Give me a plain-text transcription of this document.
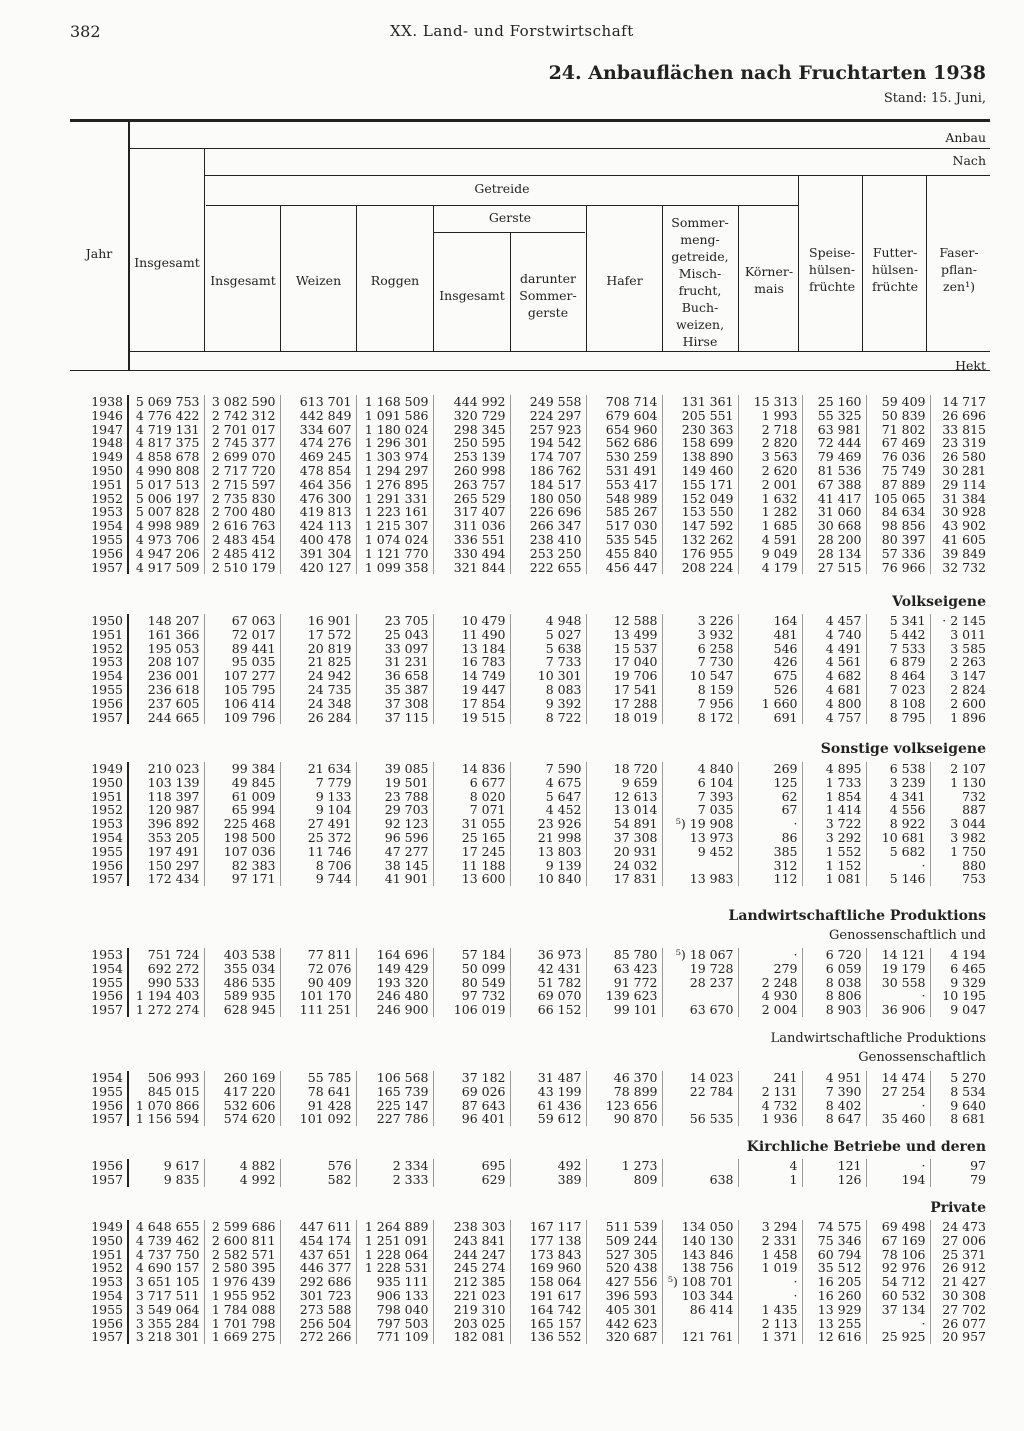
382	XX. Land- und Forstwirtschaft
24. Anbauflächen nach Fruchtarten 1938
Stand: 15. Juni,
Jahr
Anbau
Nach
Getreide
Gerste
Insgesamt
Insgesamt	Weizen	Roggen
Insgesamt
darunter Sommer-gerste
Hafer
Sommer-meng-getreide, Misch-frucht, Buch-weizen, Hirse
Körner-mais
Speise-hülsen-früchte
Futter-hülsen-früchte
Faser-pflan-zen¹)
Hekt
Volkseigene
Sonstige volkseigene
Landwirtschaftliche Produktions
Genossenschaftlich und
Landwirtschaftliche Produktions
Genossenschaftlich
Kirchliche Betriebe und deren
Private
1938	5 069 753	3 082 590	613 701	1 168 509	444 992	249 558	708 714	131 361	15 313	25 160	59 409	14 717
1946	4 776 422	2 742 312	442 849	1 091 586	320 729	224 297	679 604	205 551	1 993	55 325	50 839	26 696
1947	4 719 131	2 701 017	334 607	1 180 024	298 345	257 923	654 960	230 363	2 718	63 981	71 802	33 815
1948	4 817 375	2 745 377	474 276	1 296 301	250 595	194 542	562 686	158 699	2 820	72 444	67 469	23 319
1949	4 858 678	2 699 070	469 245	1 303 974	253 139	174 707	530 259	138 890	3 563	79 469	76 036	26 580
1950	4 990 808	2 717 720	478 854	1 294 297	260 998	186 762	531 491	149 460	2 620	81 536	75 749	30 281
1951	5 017 513	2 715 597	464 356	1 276 895	263 757	184 517	553 417	155 171	2 001	67 388	87 889	29 114
1952	5 006 197	2 735 830	476 300	1 291 331	265 529	180 050	548 989	152 049	1 632	41 417	105 065	31 384
1953	5 007 828	2 700 480	419 813	1 223 161	317 407	226 696	585 267	153 550	1 282	31 060	84 634	30 928
1954	4 998 989	2 616 763	424 113	1 215 307	311 036	266 347	517 030	147 592	1 685	30 668	98 856	43 902
1955	4 973 706	2 483 454	400 478	1 074 024	336 551	238 410	535 545	132 262	4 591	28 200	80 397	41 605
1956	4 947 206	2 485 412	391 304	1 121 770	330 494	253 250	455 840	176 955	9 049	28 134	57 336	39 849
1957	4 917 509	2 510 179	420 127	1 099 358	321 844	222 655	456 447	208 224	4 179	27 515	76 966	32 732
1950	148 207	67 063	16 901	23 705	10 479	4 948	12 588	3 226	164	4 457	5 341	· 2 145
1951	161 366	72 017	17 572	25 043	11 490	5 027	13 499	3 932	481	4 740	5 442	3 011
1952	195 053	89 441	20 819	33 097	13 184	5 638	15 537	6 258	546	4 491	7 533	3 585
1953	208 107	95 035	21 825	31 231	16 783	7 733	17 040	7 730	426	4 561	6 879	2 263
1954	236 001	107 277	24 942	36 658	14 749	10 301	19 706	10 547	675	4 682	8 464	3 147
1955	236 618	105 795	24 735	35 387	19 447	8 083	17 541	8 159	526	4 681	7 023	2 824
1956	237 605	106 414	24 348	37 308	17 854	9 392	17 288	7 956	1 660	4 800	8 108	2 600
1957	244 665	109 796	26 284	37 115	19 515	8 722	18 019	8 172	691	4 757	8 795	1 896
1949	210 023	99 384	21 634	39 085	14 836	7 590	18 720	4 840	269	4 895	6 538	2 107
1950	103 139	49 845	7 779	19 501	6 677	4 675	9 659	6 104	125	1 733	3 239	1 130
1951	118 397	61 009	9 133	23 788	8 020	5 647	12 613	7 393	62	1 854	4 341	732
1952	120 987	65 994	9 104	29 703	7 071	4 452	13 014	7 035	67	1 414	4 556	887
1953	396 892	225 468	27 491	92 123	31 055	23 926	54 891	⁵) 19 908	·	3 722	8 922	3 044
1954	353 205	198 500	25 372	96 596	25 165	21 998	37 308	13 973	86	3 292	10 681	3 982
1955	197 491	107 036	11 746	47 277	17 245	13 803	20 931	9 452	385	1 552	5 682	1 750
1956	150 297	82 383	8 706	38 145	11 188	9 139	24 032		312	1 152	·	880
1957	172 434	97 171	9 744	41 901	13 600	10 840	17 831	13 983	112	1 081	5 146	753
1953	751 724	403 538	77 811	164 696	57 184	36 973	85 780	⁵) 18 067	·	6 720	14 121	4 194
1954	692 272	355 034	72 076	149 429	50 099	42 431	63 423	19 728	279	6 059	19 179	6 465
1955	990 533	486 535	90 409	193 320	80 549	51 782	91 772	28 237	2 248	8 038	30 558	9 329
1956	1 194 403	589 935	101 170	246 480	97 732	69 070	139 623		4 930	8 806	·	10 195
1957	1 272 274	628 945	111 251	246 900	106 019	66 152	99 101	63 670	2 004	8 903	36 906	9 047
1954	506 993	260 169	55 785	106 568	37 182	31 487	46 370	14 023	241	4 951	14 474	5 270
1955	845 015	417 220	78 641	165 739	69 026	43 199	78 899	22 784	2 131	7 390	27 254	8 534
1956	1 070 866	532 606	91 428	225 147	87 643	61 436	123 656		4 732	8 402	·	9 640
1957	1 156 594	574 620	101 092	227 786	96 401	59 612	90 870	56 535	1 936	8 647	35 460	8 681
1956	9 617	4 882	576	2 334	695	492	1 273		4	121	·	97
1957	9 835	4 992	582	2 333	629	389	809	638	1	126	194	79
1949	4 648 655	2 599 686	447 611	1 264 889	238 303	167 117	511 539	134 050	3 294	74 575	69 498	24 473
1950	4 739 462	2 600 811	454 174	1 251 091	243 841	177 138	509 244	140 130	2 331	75 346	67 169	27 006
1951	4 737 750	2 582 571	437 651	1 228 064	244 247	173 843	527 305	143 846	1 458	60 794	78 106	25 371
1952	4 690 157	2 580 395	446 377	1 228 531	245 274	169 960	520 438	138 756	1 019	35 512	92 976	26 912
1953	3 651 105	1 976 439	292 686	935 111	212 385	158 064	427 556	⁵) 108 701	·	16 205	54 712	21 427
1954	3 717 511	1 955 952	301 723	906 133	221 023	191 617	396 593	103 344	·	16 260	60 532	30 308
1955	3 549 064	1 784 088	273 588	798 040	219 310	164 742	405 301	86 414	1 435	13 929	37 134	27 702
1956	3 355 284	1 701 798	256 504	797 503	203 025	165 157	442 623		2 113	13 255	·	26 077
1957	3 218 301	1 669 275	272 266	771 109	182 081	136 552	320 687	121 761	1 371	12 616	25 925	20 957
